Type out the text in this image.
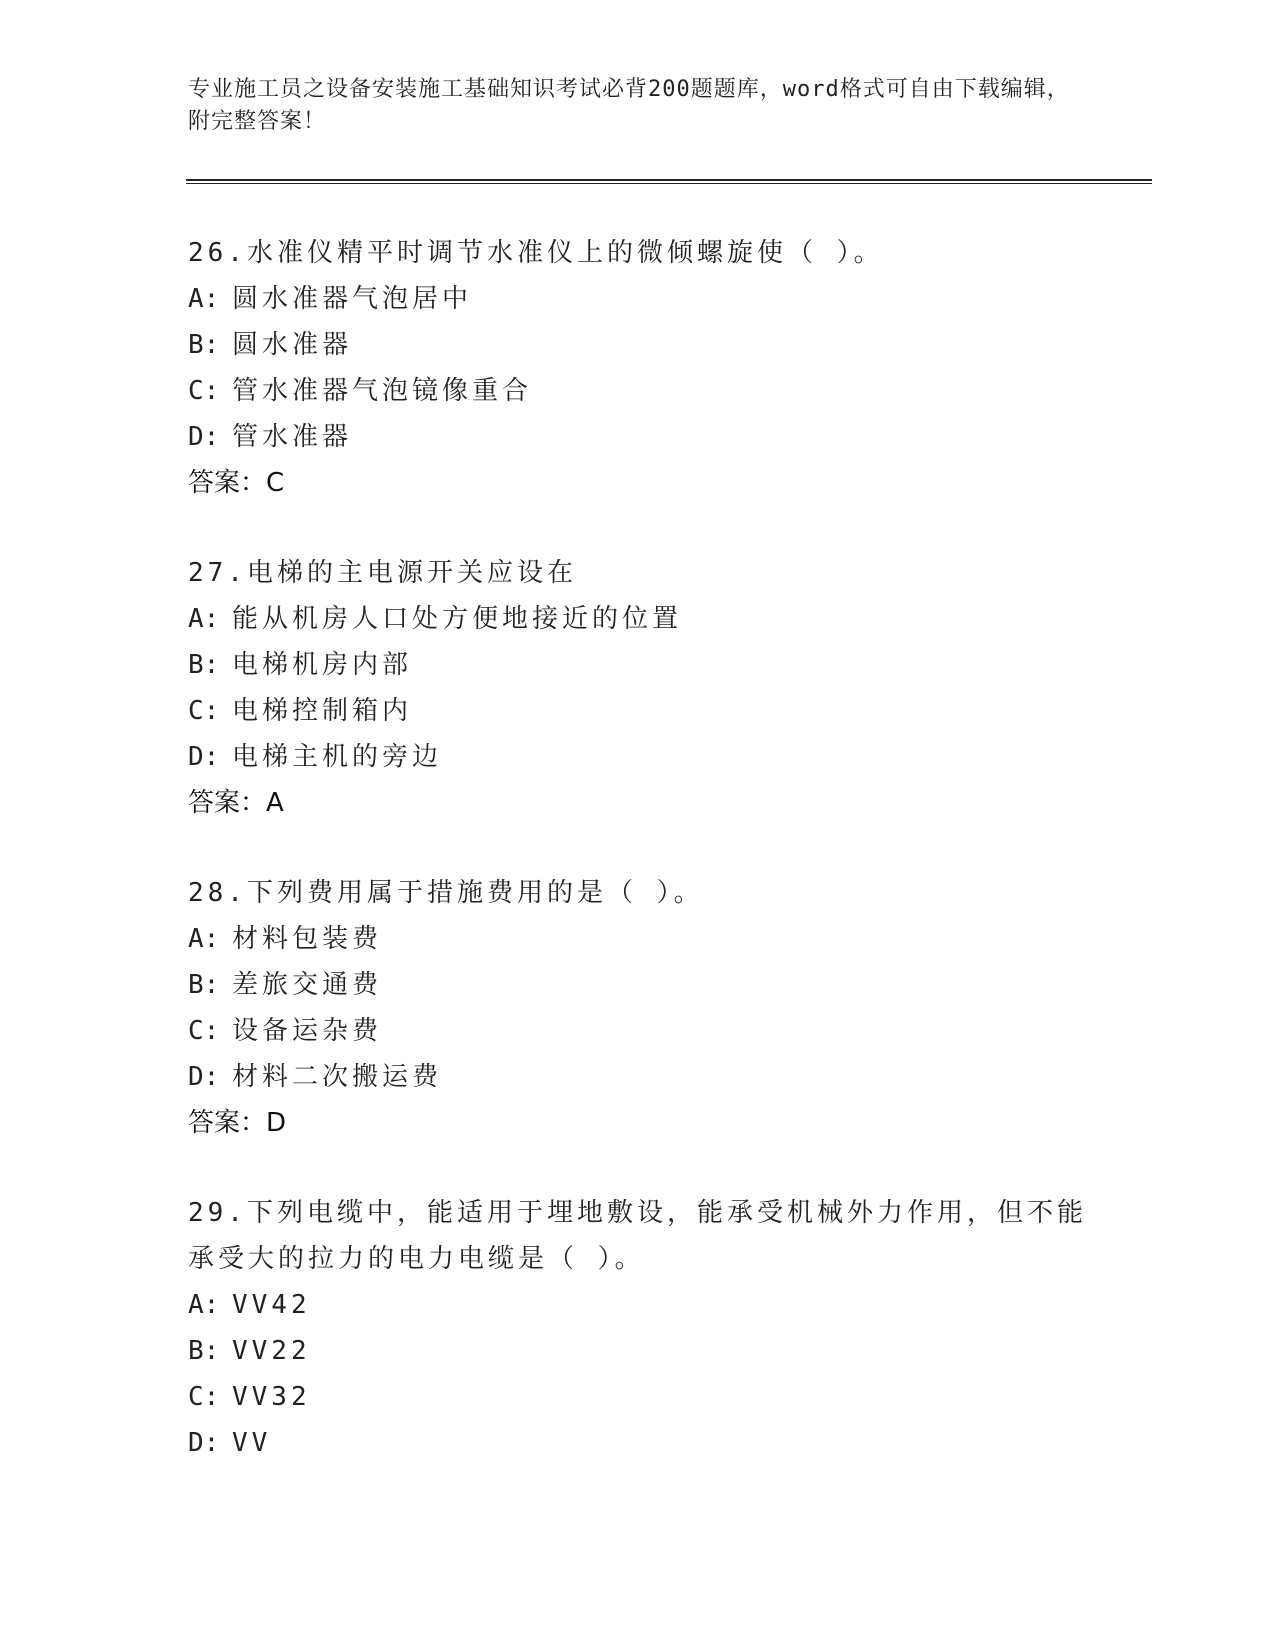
专业施工员之设备安装施工基础知识考试必背200题题库，word格式可自由下载编辑，附完整答案！
26.水准仪精平时调节水准仪上的微倾螺旋使（ ）。
A: 圆水准器气泡居中
B: 圆水准器
C: 管水准器气泡镜像重合
D: 管水准器
答案：C
27.电梯的主电源开关应设在
A: 能从机房人口处方便地接近的位置
B: 电梯机房内部
C: 电梯控制箱内
D: 电梯主机的旁边
答案：A
28.下列费用属于措施费用的是（ ）。
A: 材料包装费
B: 差旅交通费
C: 设备运杂费
D: 材料二次搬运费
答案：D
29.下列电缆中，能适用于埋地敷设，能承受机械外力作用，但不能承受大的拉力的电力电缆是（ ）。
A: VV42
B: VV22
C: VV32
D: VV
